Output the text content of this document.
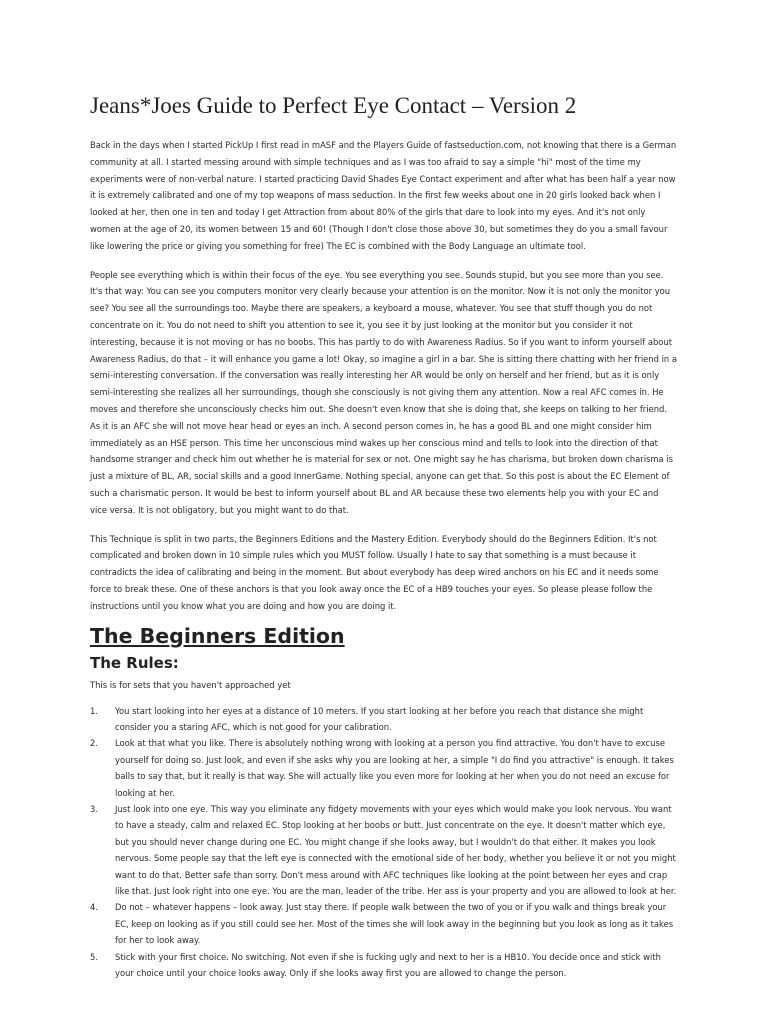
Jeans*Joes Guide to Perfect Eye Contact – Version 2

Back in the days when I started PickUp I first read in mASF and the Players Guide of fastseduction.com, not knowing that there is a German community at all. I started messing around with simple techniques and as I was too afraid to say a simple "hi" most of the time my experiments were of non-verbal nature. I started practicing David Shades Eye Contact experiment and after what has been half a year now it is extremely calibrated and one of my top weapons of mass seduction. In the first few weeks about one in 20 girls looked back when I looked at her, then one in ten and today I get Attraction from about 80% of the girls that dare to look into my eyes. And it's not only women at the age of 20, its women between 15 and 60! (Though I don't close those above 30, but sometimes they do you a small favour like lowering the price or giving you something for free) The EC is combined with the Body Language an ultimate tool.

People see everything which is within their focus of the eye. You see everything you see. Sounds stupid, but you see more than you see. It's that way: You can see you computers monitor very clearly because your attention is on the monitor. Now it is not only the monitor you see? You see all the surroundings too. Maybe there are speakers, a keyboard a mouse, whatever. You see that stuff though you do not concentrate on it. You do not need to shift you attention to see it, you see it by just looking at the monitor but you consider it not interesting, because it is not moving or has no boobs. This has partly to do with Awareness Radius. So if you want to inform yourself about Awareness Radius, do that – it will enhance you game a lot! Okay, so imagine a girl in a bar. She is sitting there chatting with her friend in a semi-interesting conversation. If the conversation was really interesting her AR would be only on herself and her friend, but as it is only semi-interesting she realizes all her surroundings, though she consciously is not giving them any attention. Now a real AFC comes in. He moves and therefore she unconsciously checks him out. She doesn't even know that she is doing that, she keeps on talking to her friend. As it is an AFC she will not move hear head or eyes an inch. A second person comes in, he has a good BL and one might consider him immediately as an HSE person. This time her unconscious mind wakes up her conscious mind and tells to look into the direction of that handsome stranger and check him out whether he is material for sex or not. One might say he has charisma, but broken down charisma is just a mixture of BL, AR, social skills and a good InnerGame. Nothing special, anyone can get that. So this post is about the EC Element of such a charismatic person. It would be best to inform yourself about BL and AR because these two elements help you with your EC and vice versa. It is not obligatory, but you might want to do that.

This Technique is split in two parts, the Beginners Editions and the Mastery Edition. Everybody should do the Beginners Edition. It's not complicated and broken down in 10 simple rules which you MUST follow. Usually I hate to say that something is a must because it contradicts the idea of calibrating and being in the moment. But about everybody has deep wired anchors on his EC and it needs some force to break these. One of these anchors is that you look away once the EC of a HB9 touches your eyes. So please please follow the instructions until you know what you are doing and how you are doing it.

The Beginners Edition
The Rules:

This is for sets that you haven't approached yet

1. You start looking into her eyes at a distance of 10 meters. If you start looking at her before you reach that distance she might consider you a staring AFC, which is not good for your calibration.
2. Look at that what you like. There is absolutely nothing wrong with looking at a person you find attractive. You don't have to excuse yourself for doing so. Just look, and even if she asks why you are looking at her, a simple "I do find you attractive" is enough. It takes balls to say that, but it really is that way. She will actually like you even more for looking at her when you do not need an excuse for looking at her.
3. Just look into one eye. This way you eliminate any fidgety movements with your eyes which would make you look nervous. You want to have a steady, calm and relaxed EC. Stop looking at her boobs or butt. Just concentrate on the eye. It doesn't matter which eye, but you should never change during one EC. You might change if she looks away, but I wouldn't do that either. It makes you look nervous. Some people say that the left eye is connected with the emotional side of her body, whether you believe it or not you might want to do that. Better safe than sorry. Don't mess around with AFC techniques like looking at the point between her eyes and crap like that. Just look right into one eye. You are the man, leader of the tribe. Her ass is your property and you are allowed to look at her.
4. Do not – whatever happens – look away. Just stay there. If people walk between the two of you or if you walk and things break your EC, keep on looking as if you still could see her. Most of the times she will look away in the beginning but you look as long as it takes for her to look away.
5. Stick with your first choice. No switching. Not even if she is fucking ugly and next to her is a HB10. You decide once and stick with your choice until your choice looks away. Only if she looks away first you are allowed to change the person.
